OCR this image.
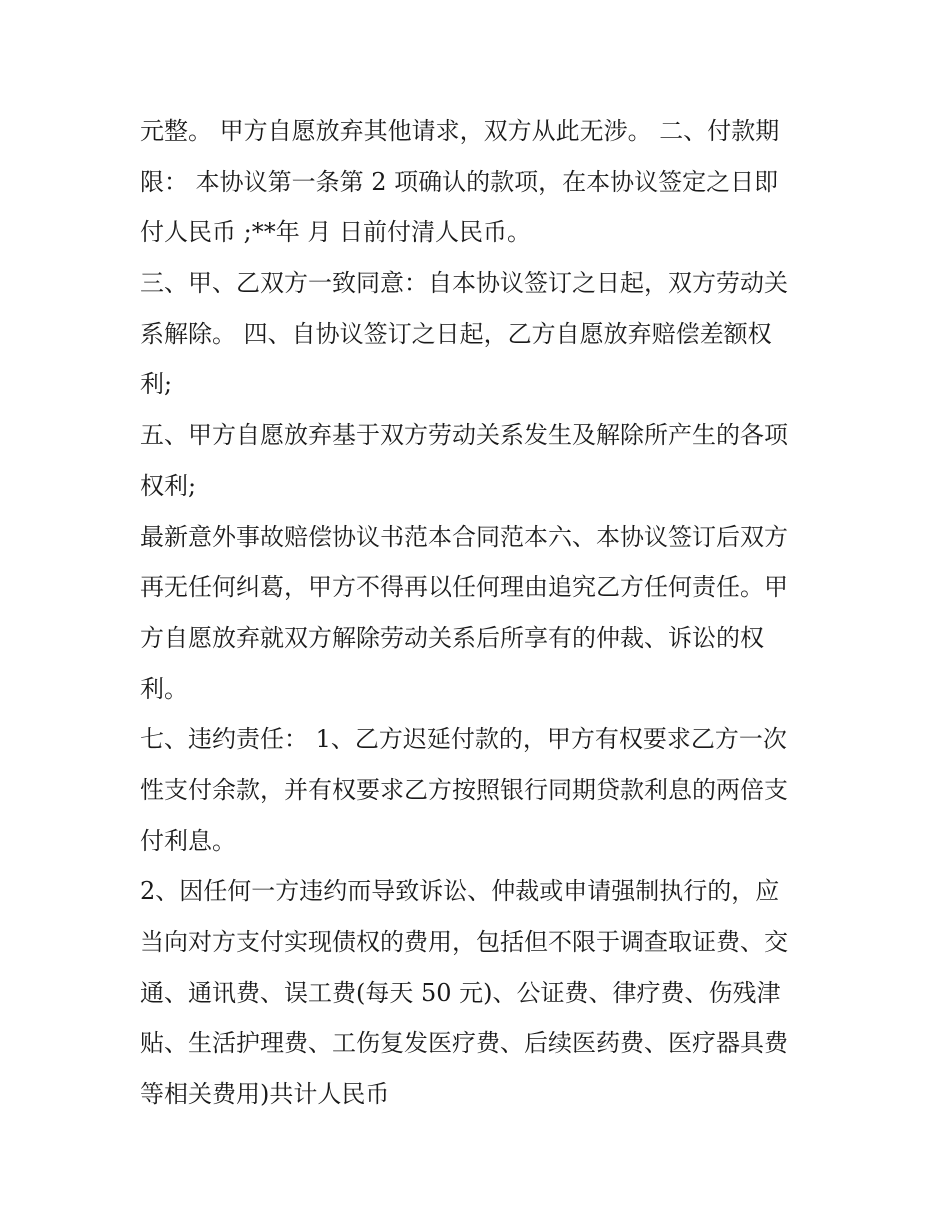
元整。 甲方自愿放弃其他请求，双方从此无涉。 二、付款期
限： 本协议第一条第 2 项确认的款项，在本协议签定之日即
付人民币 ;**年 月 日前付清人民币。
三、甲、乙双方一致同意：自本协议签订之日起，双方劳动关
系解除。 四、自协议签订之日起，乙方自愿放弃赔偿差额权
利;
五、甲方自愿放弃基于双方劳动关系发生及解除所产生的各项
权利;
最新意外事故赔偿协议书范本合同范本六、本协议签订后双方
再无任何纠葛，甲方不得再以任何理由追究乙方任何责任。甲
方自愿放弃就双方解除劳动关系后所享有的仲裁、诉讼的权
利。
七、违约责任： 1、乙方迟延付款的，甲方有权要求乙方一次
性支付余款，并有权要求乙方按照银行同期贷款利息的两倍支
付利息。
2、因任何一方违约而导致诉讼、仲裁或申请强制执行的，应
当向对方支付实现债权的费用，包括但不限于调查取证费、交
通、通讯费、误工费(每天 50 元)、公证费、律疗费、伤残津
贴、生活护理费、工伤复发医疗费、后续医药费、医疗器具费
等相关费用)共计人民币
